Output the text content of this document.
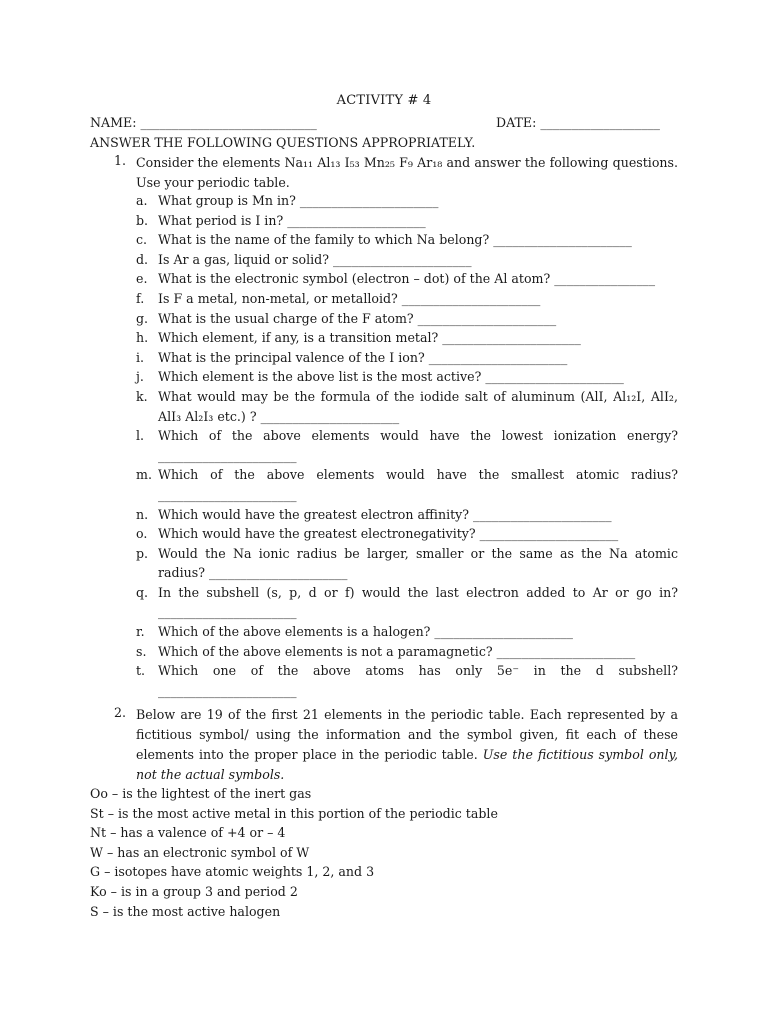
ACTIVITY # 4
NAME: ____________________________	DATE: ___________________
ANSWER THE FOLLOWING QUESTIONS APPROPRIATELY.
1. Consider the elements Na₁₁ Al₁₃ I₅₃ Mn₂₅ F₉ Ar₁₈ and answer the following questions. Use your periodic table.
a. What group is Mn in? ______________________
b. What period is I in? ______________________
c. What is the name of the family to which Na belong? ______________________
d. Is Ar a gas, liquid or solid? ______________________
e. What is the electronic symbol (electron – dot) of the Al atom? ________________
f. Is F a metal, non-metal, or metalloid? ______________________
g. What is the usual charge of the F atom? ______________________
h. Which element, if any, is a transition metal? ______________________
i. What is the principal valence of the I ion? ______________________
j. Which element is the above list is the most active? ______________________
k. What would may be the formula of the iodide salt of aluminum (AlI, Al₁₂I, AlI₂, AlI₃ Al₂I₃ etc.) ? ______________________
l. Which of the above elements would have the lowest ionization energy? ______________________
m. Which of the above elements would have the smallest atomic radius? ______________________
n. Which would have the greatest electron affinity? ______________________
o. Which would have the greatest electronegativity? ______________________
p. Would the Na ionic radius be larger, smaller or the same as the Na atomic radius? ______________________
q. In the subshell (s, p, d or f) would the last electron added to Ar or go in? ______________________
r. Which of the above elements is a halogen? ______________________
s. Which of the above elements is not a paramagnetic? ______________________
t. Which one of the above atoms has only 5e⁻ in the d subshell? ______________________
2. Below are 19 of the first 21 elements in the periodic table. Each represented by a fictitious symbol/ using the information and the symbol given, fit each of these elements into the proper place in the periodic table. Use the fictitious symbol only, not the actual symbols.
Oo – is the lightest of the inert gas
St – is the most active metal in this portion of the periodic table
Nt – has a valence of +4 or – 4
W – has an electronic symbol of W
G – isotopes have atomic weights 1, 2, and 3
Ko – is in a group 3 and period 2
S – is the most active halogen
